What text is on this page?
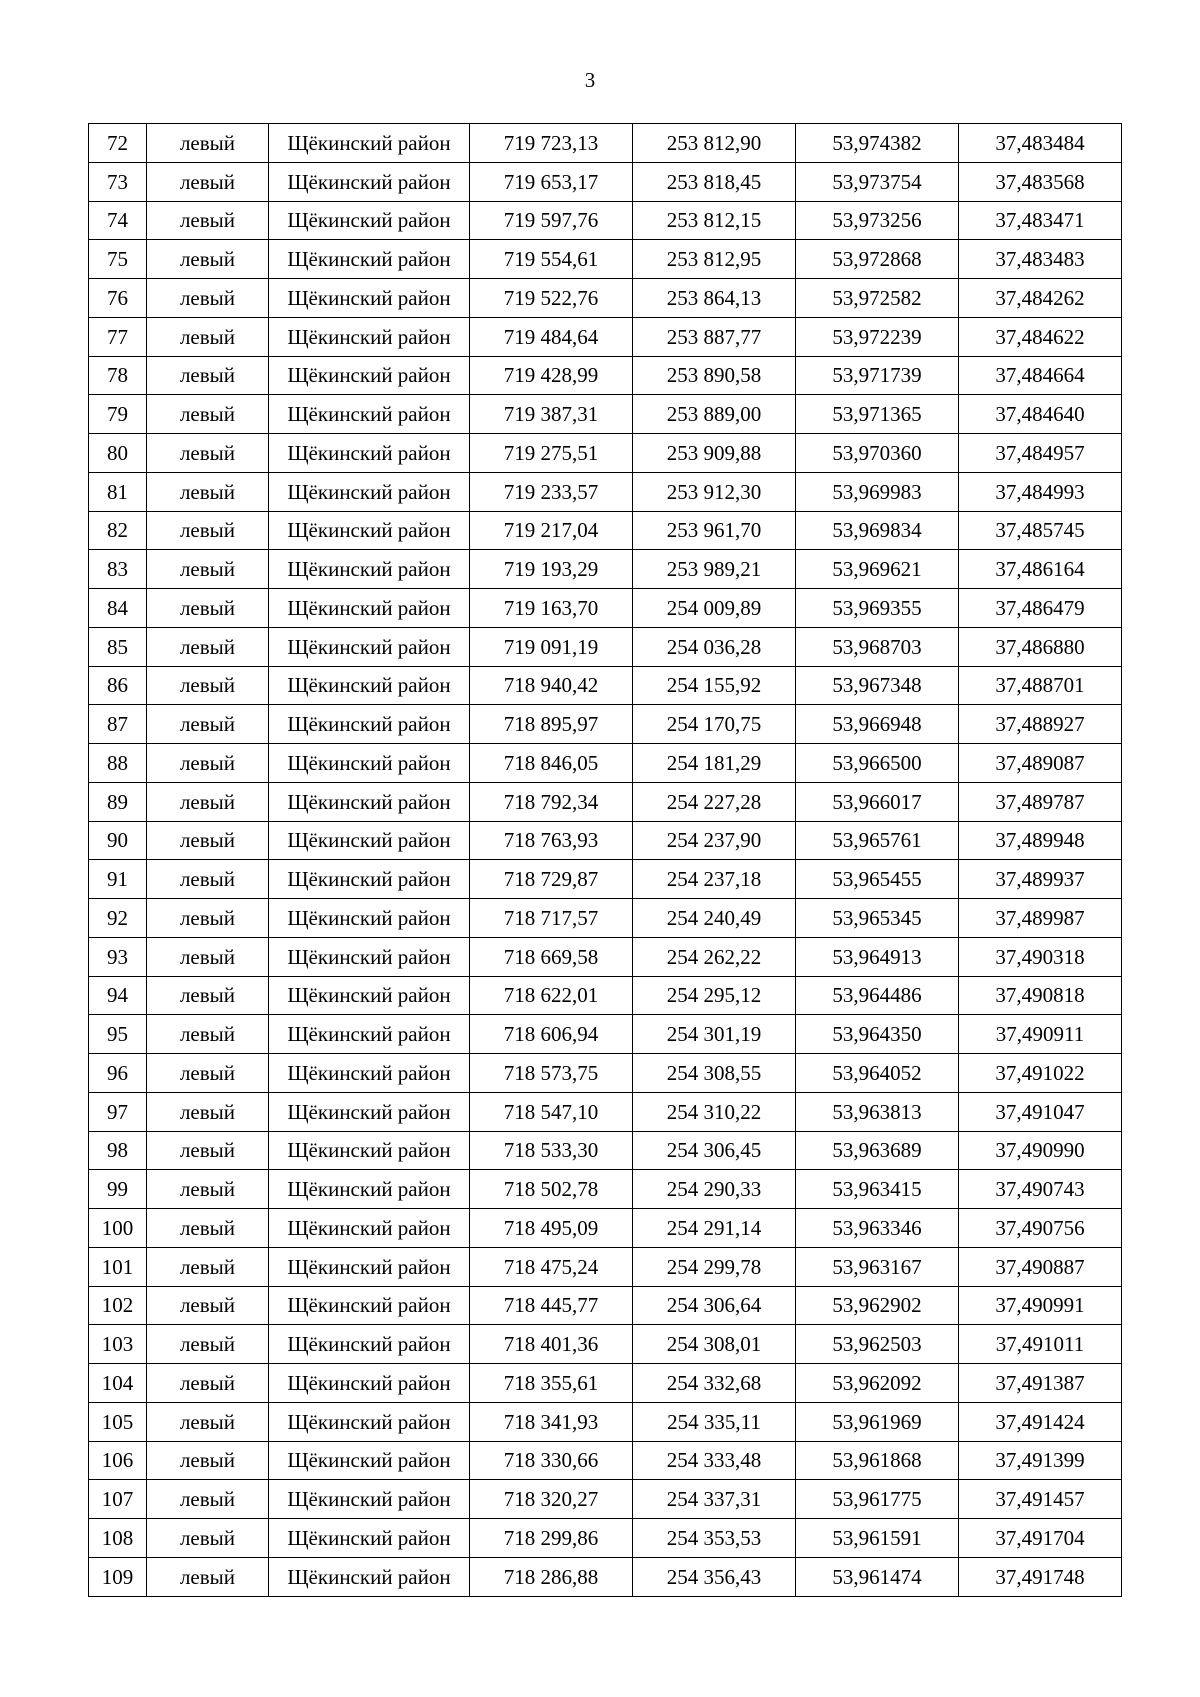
3
72	левый	Щёкинский район	719 723,13	253 812,90	53,974382	37,483484
73	левый	Щёкинский район	719 653,17	253 818,45	53,973754	37,483568
74	левый	Щёкинский район	719 597,76	253 812,15	53,973256	37,483471
75	левый	Щёкинский район	719 554,61	253 812,95	53,972868	37,483483
76	левый	Щёкинский район	719 522,76	253 864,13	53,972582	37,484262
77	левый	Щёкинский район	719 484,64	253 887,77	53,972239	37,484622
78	левый	Щёкинский район	719 428,99	253 890,58	53,971739	37,484664
79	левый	Щёкинский район	719 387,31	253 889,00	53,971365	37,484640
80	левый	Щёкинский район	719 275,51	253 909,88	53,970360	37,484957
81	левый	Щёкинский район	719 233,57	253 912,30	53,969983	37,484993
82	левый	Щёкинский район	719 217,04	253 961,70	53,969834	37,485745
83	левый	Щёкинский район	719 193,29	253 989,21	53,969621	37,486164
84	левый	Щёкинский район	719 163,70	254 009,89	53,969355	37,486479
85	левый	Щёкинский район	719 091,19	254 036,28	53,968703	37,486880
86	левый	Щёкинский район	718 940,42	254 155,92	53,967348	37,488701
87	левый	Щёкинский район	718 895,97	254 170,75	53,966948	37,488927
88	левый	Щёкинский район	718 846,05	254 181,29	53,966500	37,489087
89	левый	Щёкинский район	718 792,34	254 227,28	53,966017	37,489787
90	левый	Щёкинский район	718 763,93	254 237,90	53,965761	37,489948
91	левый	Щёкинский район	718 729,87	254 237,18	53,965455	37,489937
92	левый	Щёкинский район	718 717,57	254 240,49	53,965345	37,489987
93	левый	Щёкинский район	718 669,58	254 262,22	53,964913	37,490318
94	левый	Щёкинский район	718 622,01	254 295,12	53,964486	37,490818
95	левый	Щёкинский район	718 606,94	254 301,19	53,964350	37,490911
96	левый	Щёкинский район	718 573,75	254 308,55	53,964052	37,491022
97	левый	Щёкинский район	718 547,10	254 310,22	53,963813	37,491047
98	левый	Щёкинский район	718 533,30	254 306,45	53,963689	37,490990
99	левый	Щёкинский район	718 502,78	254 290,33	53,963415	37,490743
100	левый	Щёкинский район	718 495,09	254 291,14	53,963346	37,490756
101	левый	Щёкинский район	718 475,24	254 299,78	53,963167	37,490887
102	левый	Щёкинский район	718 445,77	254 306,64	53,962902	37,490991
103	левый	Щёкинский район	718 401,36	254 308,01	53,962503	37,491011
104	левый	Щёкинский район	718 355,61	254 332,68	53,962092	37,491387
105	левый	Щёкинский район	718 341,93	254 335,11	53,961969	37,491424
106	левый	Щёкинский район	718 330,66	254 333,48	53,961868	37,491399
107	левый	Щёкинский район	718 320,27	254 337,31	53,961775	37,491457
108	левый	Щёкинский район	718 299,86	254 353,53	53,961591	37,491704
109	левый	Щёкинский район	718 286,88	254 356,43	53,961474	37,491748
